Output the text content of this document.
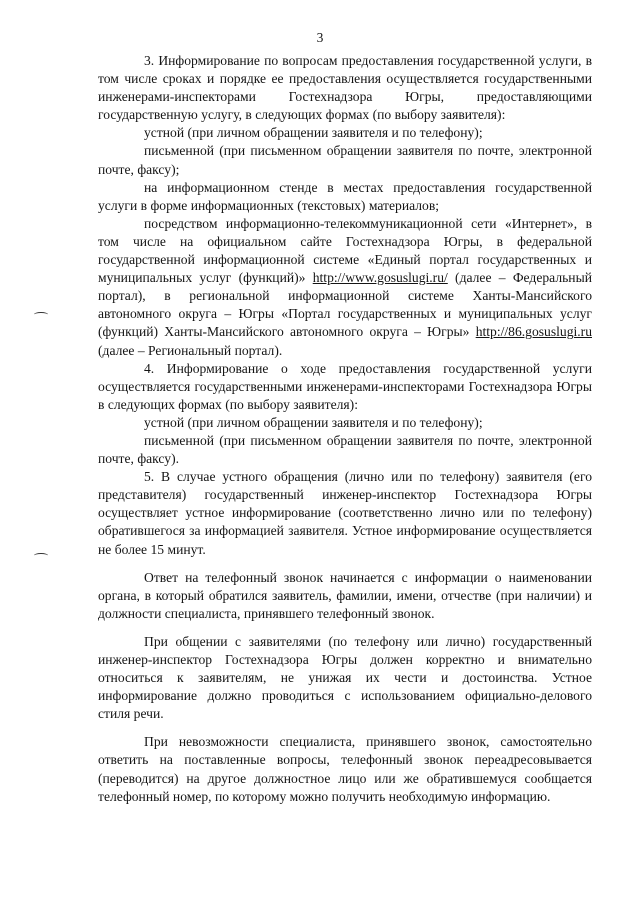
3

3. Информирование по вопросам предоставления государственной услуги, в том числе сроках и порядке ее предоставления осуществляется государственными инженерами-инспекторами Гостехнадзора Югры, предоставляющими государственную услугу, в следующих формах (по выбору заявителя):

устной (при личном обращении заявителя и по телефону);

письменной (при письменном обращении заявителя по почте, электронной почте, факсу);

на информационном стенде в местах предоставления государственной услуги в форме информационных (текстовых) материалов;

посредством информационно-телекоммуникационной сети «Интернет», в том числе на официальном сайте Гостехнадзора Югры, в федеральной государственной информационной системе «Единый портал государственных и муниципальных услуг (функций)» http://www.gosuslugi.ru/ (далее – Федеральный портал), в региональной информационной системе Ханты-Мансийского автономного округа – Югры «Портал государственных и муниципальных услуг (функций) Ханты-Мансийского автономного округа – Югры» http://86.gosuslugi.ru (далее – Региональный портал).

4. Информирование о ходе предоставления государственной услуги осуществляется государственными инженерами-инспекторами Гостехнадзора Югры в следующих формах (по выбору заявителя):

устной (при личном обращении заявителя и по телефону);

письменной (при письменном обращении заявителя по почте, электронной почте, факсу).

5. В случае устного обращения (лично или по телефону) заявителя (его представителя) государственный инженер-инспектор Гостехнадзора Югры осуществляет устное информирование (соответственно лично или по телефону) обратившегося за информацией заявителя. Устное информирование осуществляется не более 15 минут.

Ответ на телефонный звонок начинается с информации о наименовании органа, в который обратился заявитель, фамилии, имени, отчестве (при наличии) и должности специалиста, принявшего телефонный звонок.

При общении с заявителями (по телефону или лично) государственный инженер-инспектор Гостехнадзора Югры должен корректно и внимательно относиться к заявителям, не унижая их чести и достоинства. Устное информирование должно проводиться с использованием официально-делового стиля речи.

При невозможности специалиста, принявшего звонок, самостоятельно ответить на поставленные вопросы, телефонный звонок переадресовывается (переводится) на другое должностное лицо или же обратившемуся сообщается телефонный номер, по которому можно получить необходимую информацию.
